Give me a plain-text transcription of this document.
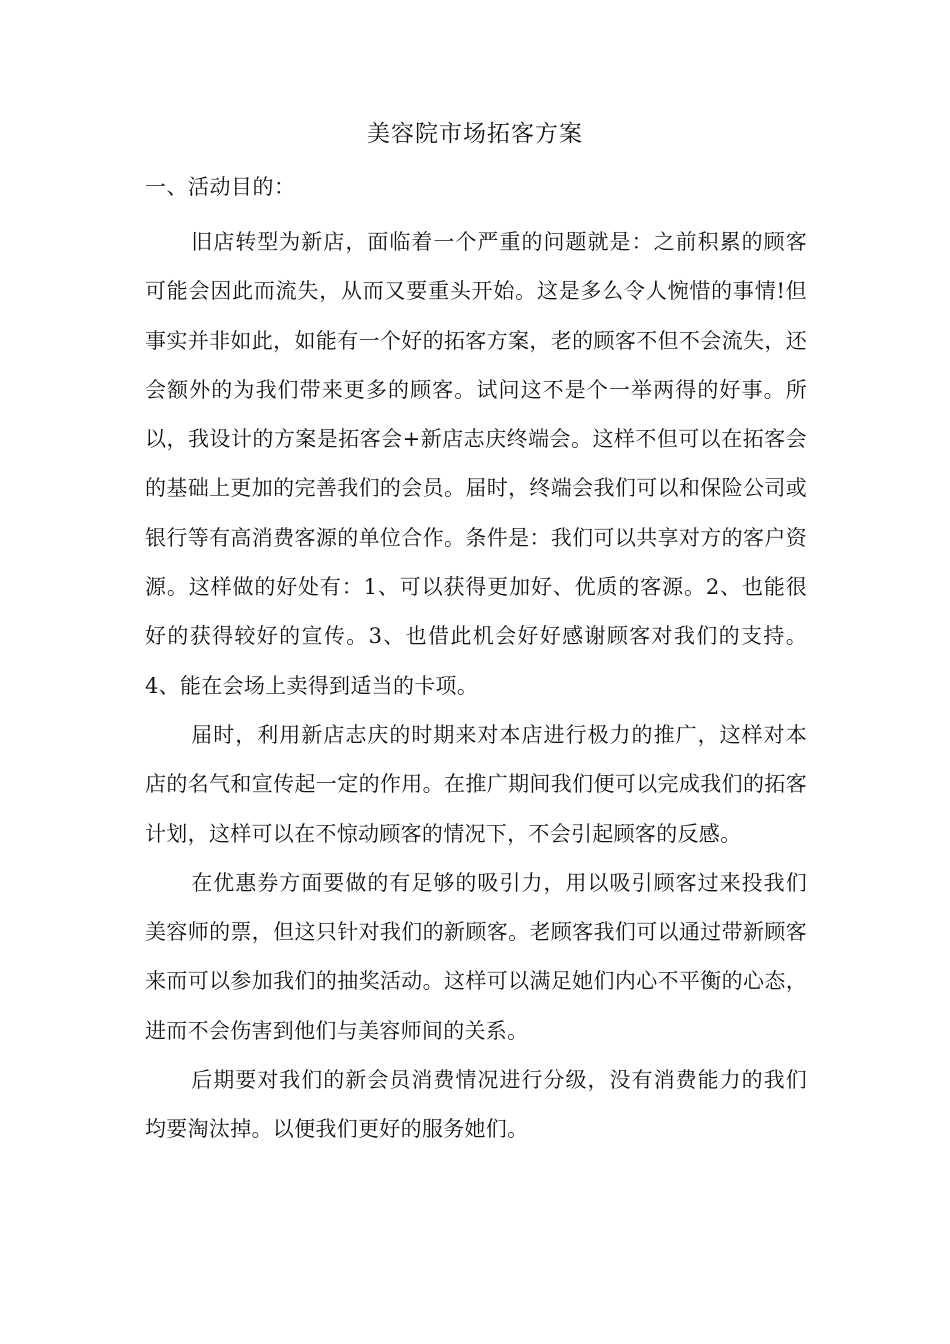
美容院市场拓客方案
一、活动目的：

旧店转型为新店，面临着一个严重的问题就是：之前积累的顾客可能会因此而流失，从而又要重头开始。这是多么令人惋惜的事情!但事实并非如此，如能有一个好的拓客方案，老的顾客不但不会流失，还会额外的为我们带来更多的顾客。试问这不是个一举两得的好事。所以，我设计的方案是拓客会+新店志庆终端会。这样不但可以在拓客会的基础上更加的完善我们的会员。届时，终端会我们可以和保险公司或银行等有高消费客源的单位合作。条件是：我们可以共享对方的客户资源。这样做的好处有：1、可以获得更加好、优质的客源。2、也能很好的获得较好的宣传。3、也借此机会好好感谢顾客对我们的支持。4、能在会场上卖得到适当的卡项。

届时，利用新店志庆的时期来对本店进行极力的推广，这样对本店的名气和宣传起一定的作用。在推广期间我们便可以完成我们的拓客计划，这样可以在不惊动顾客的情况下，不会引起顾客的反感。

在优惠券方面要做的有足够的吸引力，用以吸引顾客过来投我们美容师的票，但这只针对我们的新顾客。老顾客我们可以通过带新顾客来而可以参加我们的抽奖活动。这样可以满足她们内心不平衡的心态，进而不会伤害到他们与美容师间的关系。

后期要对我们的新会员消费情况进行分级，没有消费能力的我们均要淘汰掉。以便我们更好的服务她们。
